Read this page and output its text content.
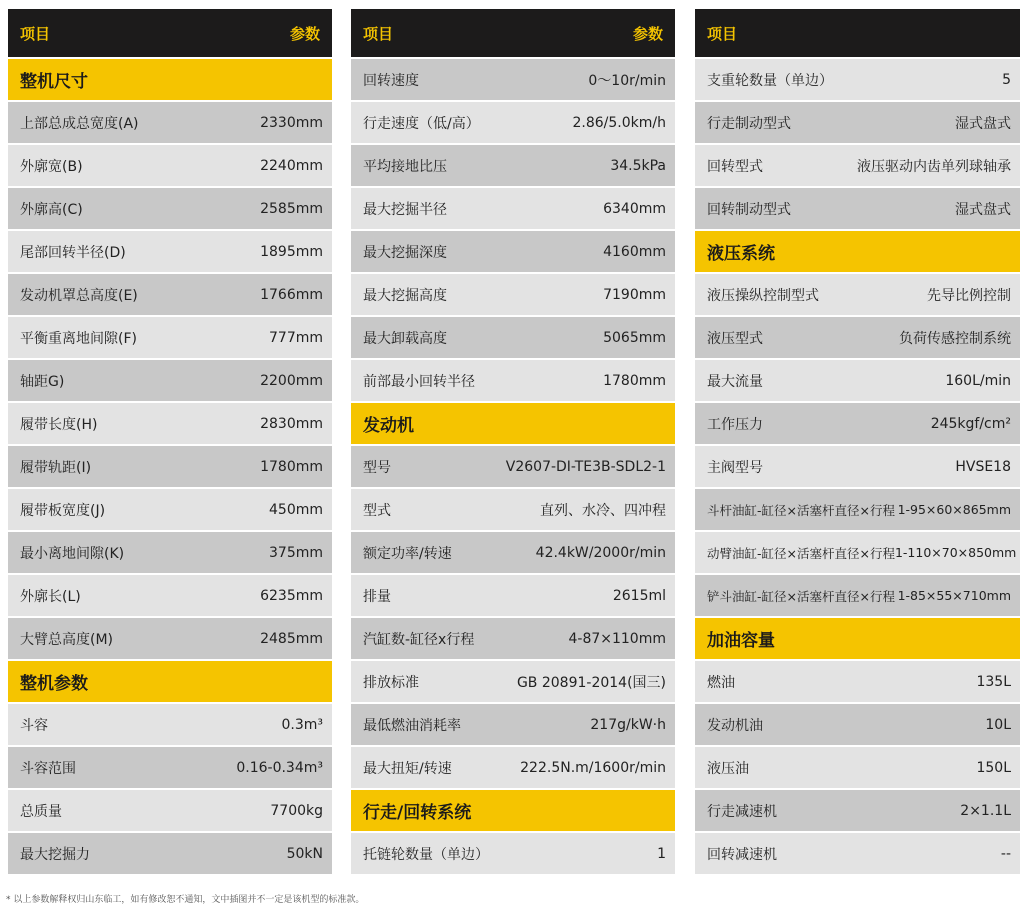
项目	参数
整机尺寸
上部总成总宽度(A)	2330mm
外廓宽(B)	2240mm
外廓高(C)	2585mm
尾部回转半径(D)	1895mm
发动机罩总高度(E)	1766mm
平衡重离地间隙(F)	777mm
轴距G)	2200mm
履带长度(H)	2830mm
履带轨距(I)	1780mm
履带板宽度(J)	450mm
最小离地间隙(K)	375mm
外廓长(L)	6235mm
大臂总高度(M)	2485mm
整机参数
斗容	0.3m³
斗容范围	0.16-0.34m³
总质量	7700kg
最大挖掘力	50kN
项目	参数
回转速度	0～10r/min
行走速度（低/高）	2.86/5.0km/h
平均接地比压	34.5kPa
最大挖掘半径	6340mm
最大挖掘深度	4160mm
最大挖掘高度	7190mm
最大卸载高度	5065mm
前部最小回转半径	1780mm
发动机
型号	V2607-DI-TE3B-SDL2-1
型式	直列、水冷、四冲程
额定功率/转速	42.4kW/2000r/min
排量	2615ml
汽缸数-缸径x行程	4-87×110mm
排放标准	GB 20891-2014(国三)
最低燃油消耗率	217g/kW·h
最大扭矩/转速	222.5N.m/1600r/min
行走/回转系统
托链轮数量（单边）	1
项目
支重轮数量（单边）	5
行走制动型式	湿式盘式
回转型式	液压驱动内齿单列球轴承
回转制动型式	湿式盘式
液压系统
液压操纵控制型式	先导比例控制
液压型式	负荷传感控制系统
最大流量	160L/min
工作压力	245kgf/cm²
主阀型号	HVSE18
斗杆油缸-缸径×活塞杆直径×行程 1-95×60×865mm
动臂油缸-缸径×活塞杆直径×行程 1-110×70×850mm
铲斗油缸-缸径×活塞杆直径×行程 1-85×55×710mm
加油容量
燃油	135L
发动机油	10L
液压油	150L
行走减速机	2×1.1L
回转减速机	--
* 以上参数解释权归山东临工，如有修改恕不通知，文中插图并不一定是该机型的标准款。
